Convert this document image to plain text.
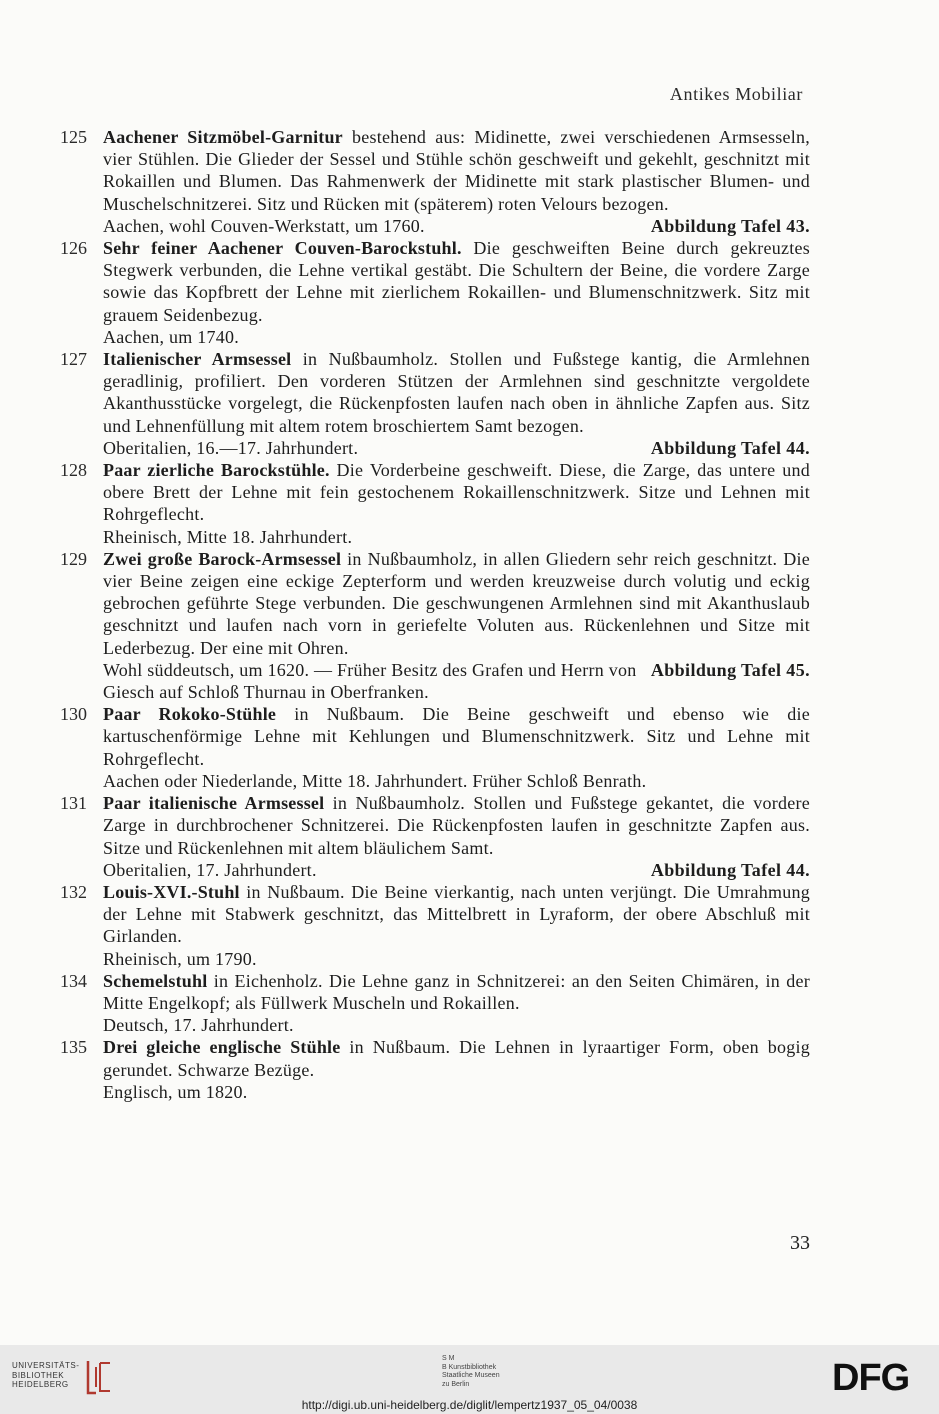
Antikes Mobiliar
125 Aachener Sitzmöbel-Garnitur bestehend aus: Midinette, zwei verschiedenen Armsesseln, vier Stühlen. Die Glieder der Sessel und Stühle schön geschweift und gekehlt, geschnitzt mit Rokaillen und Blumen. Das Rahmenwerk der Midinette mit stark plastischer Blumen- und Muschelschnitzerei. Sitz und Rücken mit (späterem) roten Velours bezogen.

Abbildung Tafel 43.
Aachen, wohl Couven-Werkstatt, um 1760.

126 Sehr feiner Aachener Couven-Barockstuhl. Die geschweiften Beine durch gekreuztes Stegwerk verbunden, die Lehne vertikal gestäbt. Die Schultern der Beine, die vordere Zarge sowie das Kopfbrett der Lehne mit zierlichem Rokaillen- und Blumenschnitzwerk. Sitz mit grauem Seidenbezug.

Aachen, um 1740.

127 Italienischer Armsessel in Nußbaumholz. Stollen und Fußstege kantig, die Armlehnen geradlinig, profiliert. Den vorderen Stützen der Armlehnen sind geschnitzte vergoldete Akanthusstücke vorgelegt, die Rückenpfosten laufen nach oben in ähnliche Zapfen aus. Sitz und Lehnenfüllung mit altem rotem broschiertem Samt bezogen.

Abbildung Tafel 44.
Oberitalien, 16.—17. Jahrhundert.

128 Paar zierliche Barockstühle. Die Vorderbeine geschweift. Diese, die Zarge, das untere und obere Brett der Lehne mit fein gestochenem Rokaillenschnitzwerk. Sitze und Lehnen mit Rohrgeflecht.

Rheinisch, Mitte 18. Jahrhundert.

129 Zwei große Barock-Armsessel in Nußbaumholz, in allen Gliedern sehr reich geschnitzt. Die vier Beine zeigen eine eckige Zepterform und werden kreuzweise durch volutig und eckig gebrochen geführte Stege verbunden. Die geschwungenen Armlehnen sind mit Akanthuslaub geschnitzt und laufen nach vorn in geriefelte Voluten aus. Rückenlehnen und Sitze mit Lederbezug. Der eine mit Ohren.

Abbildung Tafel 45.
Wohl süddeutsch, um 1620. — Früher Besitz des Grafen und Herrn von Giesch auf Schloß Thurnau in Oberfranken.

130 Paar Rokoko-Stühle in Nußbaum. Die Beine geschweift und ebenso wie die kartuschenförmige Lehne mit Kehlungen und Blumenschnitzwerk. Sitz und Lehne mit Rohrgeflecht.

Aachen oder Niederlande, Mitte 18. Jahrhundert. Früher Schloß Benrath.

131 Paar italienische Armsessel in Nußbaumholz. Stollen und Fußstege gekantet, die vordere Zarge in durchbrochener Schnitzerei. Die Rückenpfosten laufen in geschnitzte Zapfen aus. Sitze und Rückenlehnen mit altem bläulichem Samt.

Abbildung Tafel 44.
Oberitalien, 17. Jahrhundert.

132 Louis-XVI.-Stuhl in Nußbaum. Die Beine vierkantig, nach unten verjüngt. Die Umrahmung der Lehne mit Stabwerk geschnitzt, das Mittelbrett in Lyraform, der obere Abschluß mit Girlanden.

Rheinisch, um 1790.

134 Schemelstuhl in Eichenholz. Die Lehne ganz in Schnitzerei: an den Seiten Chimären, in der Mitte Engelkopf; als Füllwerk Muscheln und Rokaillen.

Deutsch, 17. Jahrhundert.

135 Drei gleiche englische Stühle in Nußbaum. Die Lehnen in lyraartiger Form, oben bogig gerundet. Schwarze Bezüge.

Englisch, um 1820.

33
UNIVERSITÄTS-
BIBLIOTHEK
HEIDELBERG
S M
B Kunstbibliothek
Staatliche Museen
zu Berlin	DFG
http://digi.ub.uni-heidelberg.de/diglit/lempertz1937_05_04/0038
